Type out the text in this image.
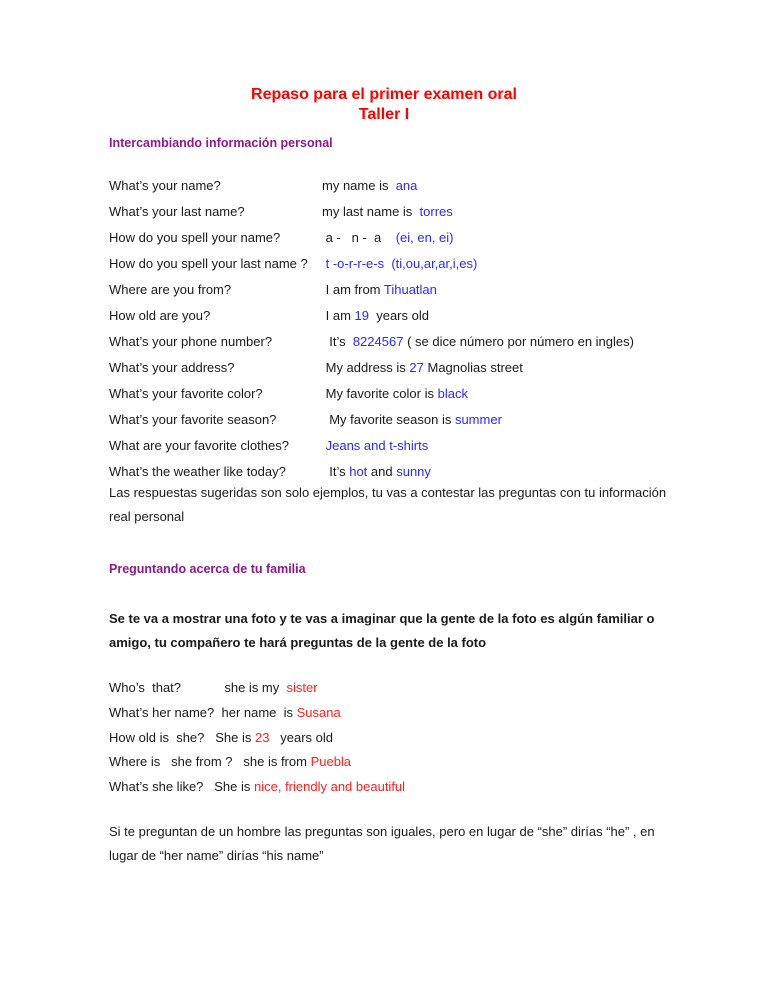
Repaso para el primer examen oral
Taller I
Intercambiando información personal
What’s your name?	my name is  ana
What’s your last name?	my last name is  torres
How do you spell your name?	a -   n -  a    (ei, en, ei)
How do you spell your last name ? t -o-r-r-e-s  (ti,ou,ar,ar,i,es)
Where are you from?	I am from Tihuatlan
How old are you?	I am 19  years old
What’s your phone number?	It’s  8224567 ( se dice número por número en ingles)
What’s your address?	My address is 27 Magnolias street
What’s your favorite color?	My favorite color is black
What’s your favorite season?	My favorite season is summer
What are your favorite clothes?	Jeans and t-shirts
What’s the weather like today?	It’s hot and sunny
Las respuestas sugeridas son solo ejemplos, tu vas a contestar las preguntas con tu información real personal
Preguntando acerca de tu familia
Se te va a mostrar una foto y te vas a imaginar que la gente de la foto es algún familiar o amigo, tu compañero te hará preguntas de la gente de la foto
Who’s  that?            she is my  sister
What’s her name?  her name  is Susana
How old is  she?   She is 23   years old
Where is   she from ?   she is from Puebla
What’s she like?   She is nice, friendly and beautiful
Si te preguntan de un hombre las preguntas son iguales, pero en lugar de “she” dirías “he” , en lugar de “her name” dirías “his name”
